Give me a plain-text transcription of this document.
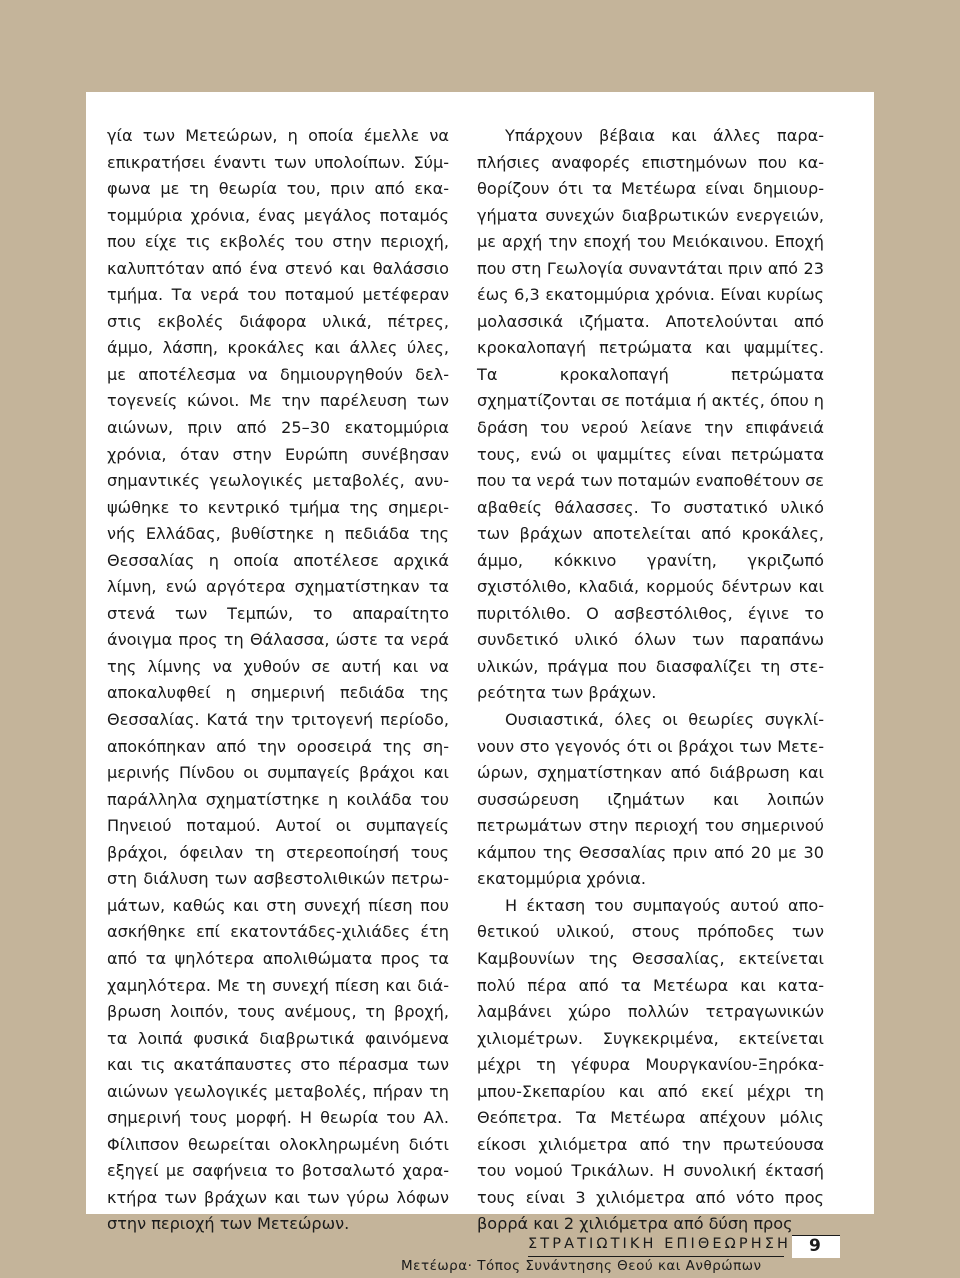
γία των Μετεώρων, η οποία έμελλε να επικρατήσει έναντι των υπολοίπων. Σύμφωνα με τη θεωρία του, πριν από εκατομμύρια χρόνια, ένας μεγάλος ποταμός που είχε τις εκβολές του στην περιοχή, καλυπτόταν από ένα στενό και θαλάσσιο τμήμα. Τα νερά του ποταμού μετέφεραν στις εκβολές διάφορα υλικά, πέτρες, άμμο, λάσπη, κροκάλες και άλλες ύλες, με αποτέλεσμα να δημιουργηθούν δελτογενείς κώνοι. Με την παρέλευση των αιώνων, πριν από 25–30 εκατομμύρια χρόνια, όταν στην Ευρώπη συνέβησαν σημαντικές γεωλογικές μεταβολές, ανυψώθηκε το κεντρικό τμήμα της σημερινής Ελλάδας, βυθίστηκε η πεδιάδα της Θεσσαλίας η οποία αποτέλεσε αρχικά λίμνη, ενώ αργότερα σχηματίστηκαν τα στενά των Τεμπών, το απαραίτητο άνοιγμα προς τη Θάλασσα, ώστε τα νερά της λίμνης να χυθούν σε αυτή και να αποκαλυφθεί η σημερινή πεδιάδα της Θεσσαλίας. Κατά την τριτογενή περίοδο, αποκόπηκαν από την οροσειρά της σημερινής Πίνδου οι συμπαγείς βράχοι και παράλληλα σχηματίστηκε η κοιλάδα του Πηνειού ποταμού. Αυτοί οι συμπαγείς βράχοι, όφειλαν τη στερεοποίησή τους στη διάλυση των ασβεστολιθικών πετρωμάτων, καθώς και στη συνεχή πίεση που ασκήθηκε επί εκατοντάδες-χιλιάδες έτη από τα ψηλότερα απολιθώματα προς τα χαμηλότερα. Με τη συνεχή πίεση και διάβρωση λοιπόν, τους ανέμους, τη βροχή, τα λοιπά φυσικά διαβρωτικά φαινόμενα και τις ακατάπαυστες στο πέρασμα των αιώνων γεωλογικές μεταβολές, πήραν τη σημερινή τους μορφή. Η θεωρία του Αλ. Φίλιπσον θεωρείται ολοκληρωμένη διότι εξηγεί με σαφήνεια το βοτσαλωτό χαρακτήρα των βράχων και των γύρω λόφων στην περιοχή των Μετεώρων.

Υπάρχουν βέβαια και άλλες παραπλήσιες αναφορές επιστημόνων που καθορίζουν ότι τα Μετέωρα είναι δημιουργήματα συνεχών διαβρωτικών ενεργειών, με αρχή την εποχή του Μειόκαινου. Εποχή που στη Γεωλογία συναντάται πριν από 23 έως 6,3 εκατομμύρια χρόνια. Είναι κυρίως μολασσικά ιζήματα. Αποτελούνται από κροκαλοπαγή πετρώματα και ψαμμίτες. Τα κροκαλοπαγή πετρώματα σχηματίζονται σε ποτάμια ή ακτές, όπου η δράση του νερού λείανε την επιφάνειά τους, ενώ οι ψαμμίτες είναι πετρώματα που τα νερά των ποταμών εναποθέτουν σε αβαθείς θάλασσες. Το συστατικό υλικό των βράχων αποτελείται από κροκάλες, άμμο, κόκκινο γρανίτη, γκριζωπό σχιστόλιθο, κλαδιά, κορμούς δέντρων και πυριτόλιθο. Ο ασβεστόλιθος, έγινε το συνδετικό υλικό όλων των παραπάνω υλικών, πράγμα που διασφαλίζει τη στερεότητα των βράχων.

Ουσιαστικά, όλες οι θεωρίες συγκλίνουν στο γεγονός ότι οι βράχοι των Μετεώρων, σχηματίστηκαν από διάβρωση και συσσώρευση ιζημάτων και λοιπών πετρωμάτων στην περιοχή του σημερινού κάμπου της Θεσσαλίας πριν από 20 με 30 εκατομμύρια χρόνια.

Η έκταση του συμπαγούς αυτού αποθετικού υλικού, στους πρόποδες των Καμβουνίων της Θεσσαλίας, εκτείνεται πολύ πέρα από τα Μετέωρα και καταλαμβάνει χώρο πολλών τετραγωνικών χιλιομέτρων. Συγκεκριμένα, εκτείνεται μέχρι τη γέφυρα Μουργκανίου-Ξηρόκαμπου-Σκεπαρίου και από εκεί μέχρι τη Θεόπετρα. Τα Μετέωρα απέχουν μόλις είκοσι χιλιόμετρα από την πρωτεύουσα του νομού Τρικάλων. Η συνολική έκτασή τους είναι 3 χιλιόμετρα από νότο προς βορρά και 2 χιλιόμετρα από δύση προς

ΣΤΡΑΤΙΩΤΙΚΗ ΕΠΙΘΕΩΡΗΣΗ
Μετέωρα· Τόπος Συνάντησης Θεού και Ανθρώπων
9
